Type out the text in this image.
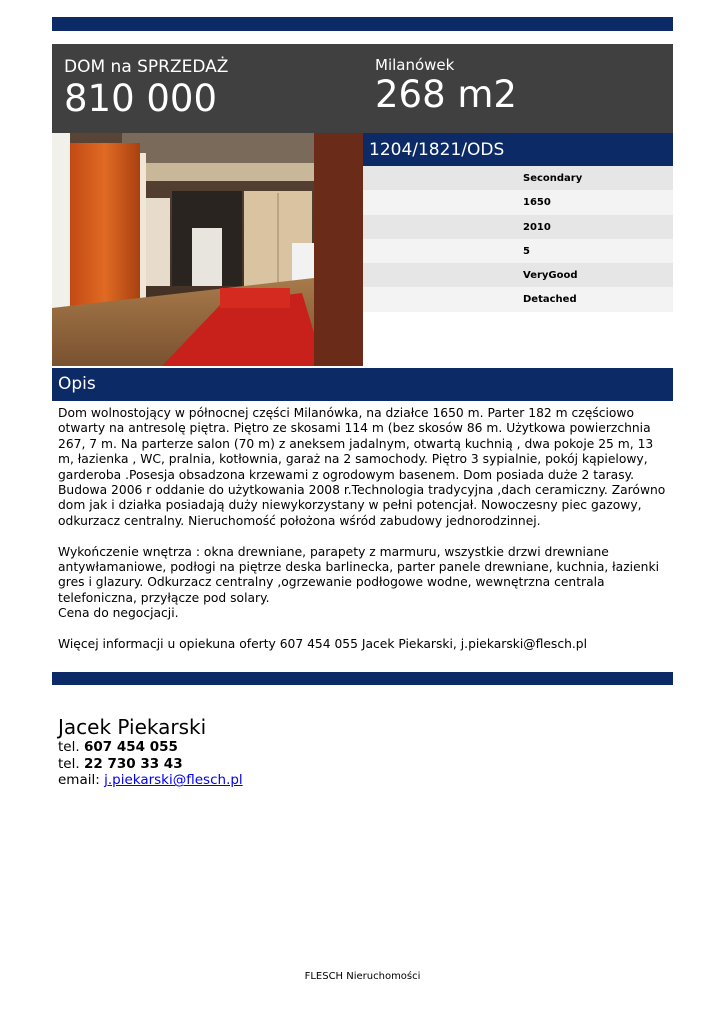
DOM na SPRZEDAŻ
810 000
Milanówek
268 m2
1204/1821/ODS
Secondary
1650
2010
5
VeryGood
Detached
Opis

Dom wolnostojący w północnej części Milanówka, na działce 1650 m. Parter 182 m częściowo otwarty na antresolę piętra. Piętro ze skosami 114 m (bez skosów 86 m. Użytkowa powierzchnia 267, 7 m. Na parterze salon (70 m) z aneksem jadalnym, otwartą kuchnią , dwa pokoje 25 m, 13 m, łazienka , WC, pralnia, kotłownia, garaż na 2 samochody. Piętro 3 sypialnie, pokój kąpielowy, garderoba .Posesja obsadzona krzewami z ogrodowym basenem. Dom posiada duże 2 tarasy. Budowa 2006 r oddanie do użytkowania 2008 r.Technologia tradycyjna ,dach ceramiczny. Zarówno dom jak i działka posiadają duży niewykorzystany w pełni potencjał. Nowoczesny piec gazowy, odkurzacz centralny. Nieruchomość położona wśród zabudowy jednorodzinnej.

Wykończenie wnętrza : okna drewniane, parapety z marmuru, wszystkie drzwi drewniane antywłamaniowe, podłogi na piętrze deska barlinecka, parter panele drewniane, kuchnia, łazienki gres i glazury. Odkurzacz centralny ,ogrzewanie podłogowe wodne, wewnętrzna centrala telefoniczna, przyłącze pod solary.
Cena do negocjacji.

Więcej informacji u opiekuna oferty 607 454 055 Jacek Piekarski, j.piekarski@flesch.pl

Jacek Piekarski
tel. 607 454 055
tel. 22 730 33 43
email: j.piekarski@flesch.pl
FLESCH Nieruchomości
